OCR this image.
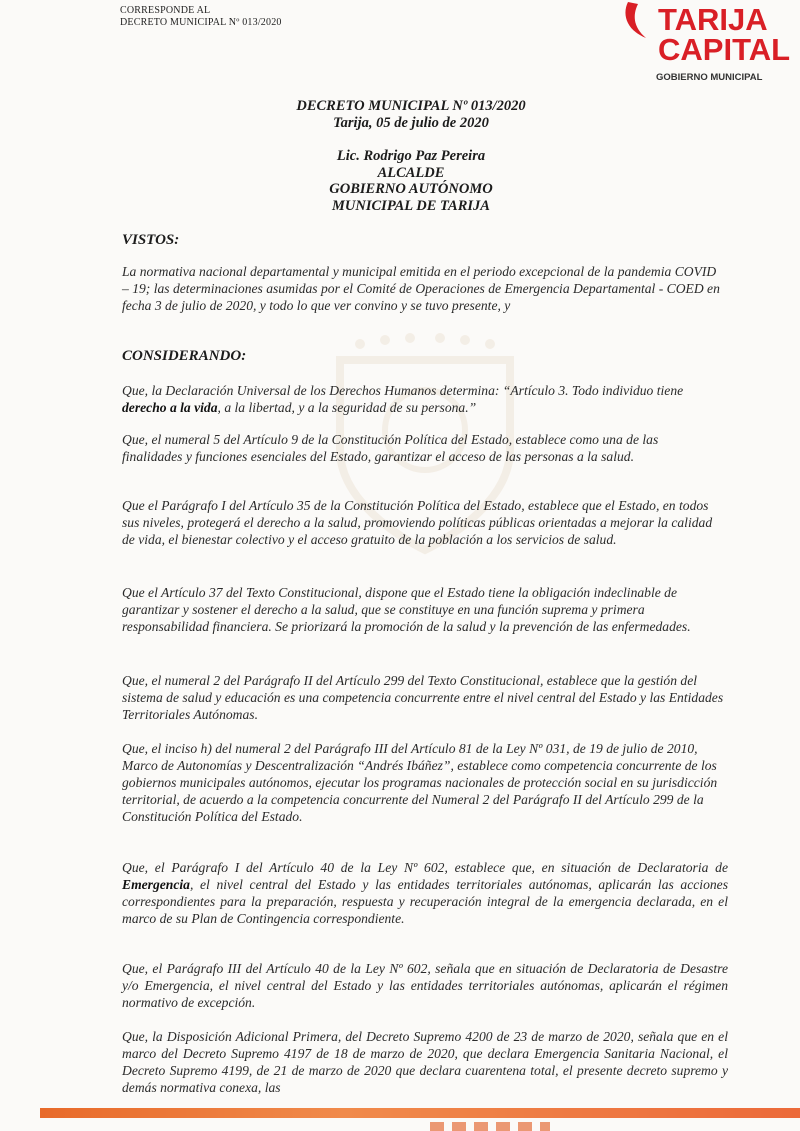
CORRESPONDE AL
DECRETO MUNICIPAL Nº 013/2020	TARIJA
CAPITAL
GOBIERNO MUNICIPAL
DECRETO MUNICIPAL Nº 013/2020
Tarija, 05 de julio de 2020
Lic. Rodrigo Paz Pereira
ALCALDE
GOBIERNO AUTÓNOMO
MUNICIPAL DE TARIJA
VISTOS:
La normativa nacional departamental y municipal emitida en el periodo excepcional de la pandemia COVID – 19; las determinaciones asumidas por el Comité de Operaciones de Emergencia Departamental - COED en fecha 3 de julio de 2020, y todo lo que ver convino y se tuvo presente, y
CONSIDERANDO:
Que, la Declaración Universal de los Derechos Humanos determina: “Artículo 3. Todo individuo tiene derecho a la vida, a la libertad, y a la seguridad de su persona.”
Que, el numeral 5 del Artículo 9 de la Constitución Política del Estado, establece como una de las finalidades y funciones esenciales del Estado, garantizar el acceso de las personas a la salud.
Que el Parágrafo I del Artículo 35 de la Constitución Política del Estado, establece que el Estado, en todos sus niveles, protegerá el derecho a la salud, promoviendo políticas públicas orientadas a mejorar la calidad de vida, el bienestar colectivo y el acceso gratuito de la población a los servicios de salud.
Que el Artículo 37 del Texto Constitucional, dispone que el Estado tiene la obligación indeclinable de garantizar y sostener el derecho a la salud, que se constituye en una función suprema y primera responsabilidad financiera. Se priorizará la promoción de la salud y la prevención de las enfermedades.
Que, el numeral 2 del Parágrafo II del Artículo 299 del Texto Constitucional, establece que la gestión del sistema de salud y educación es una competencia concurrente entre el nivel central del Estado y las Entidades Territoriales Autónomas.
Que, el inciso h) del numeral 2 del Parágrafo III del Artículo 81 de la Ley Nº 031, de 19 de julio de 2010, Marco de Autonomías y Descentralización “Andrés Ibáñez”, establece como competencia concurrente de los gobiernos municipales autónomos, ejecutar los programas nacionales de protección social en su jurisdicción territorial, de acuerdo a la competencia concurrente del Numeral 2 del Parágrafo II del Artículo 299 de la Constitución Política del Estado.
Que, el Parágrafo I del Artículo 40 de la Ley Nº 602, establece que, en situación de Declaratoria de Emergencia, el nivel central del Estado y las entidades territoriales autónomas, aplicarán las acciones correspondientes para la preparación, respuesta y recuperación integral de la emergencia declarada, en el marco de su Plan de Contingencia correspondiente.
Que, el Parágrafo III del Artículo 40 de la Ley Nº 602, señala que en situación de Declaratoria de Desastre y/o Emergencia, el nivel central del Estado y las entidades territoriales autónomas, aplicarán el régimen normativo de excepción.
Que, la Disposición Adicional Primera, del Decreto Supremo 4200 de 23 de marzo de 2020, señala que en el marco del Decreto Supremo 4197 de 18 de marzo de 2020, que declara Emergencia Sanitaria Nacional, el Decreto Supremo 4199, de 21 de marzo de 2020 que declara cuarentena total, el presente decreto supremo y demás normativa conexa, las
